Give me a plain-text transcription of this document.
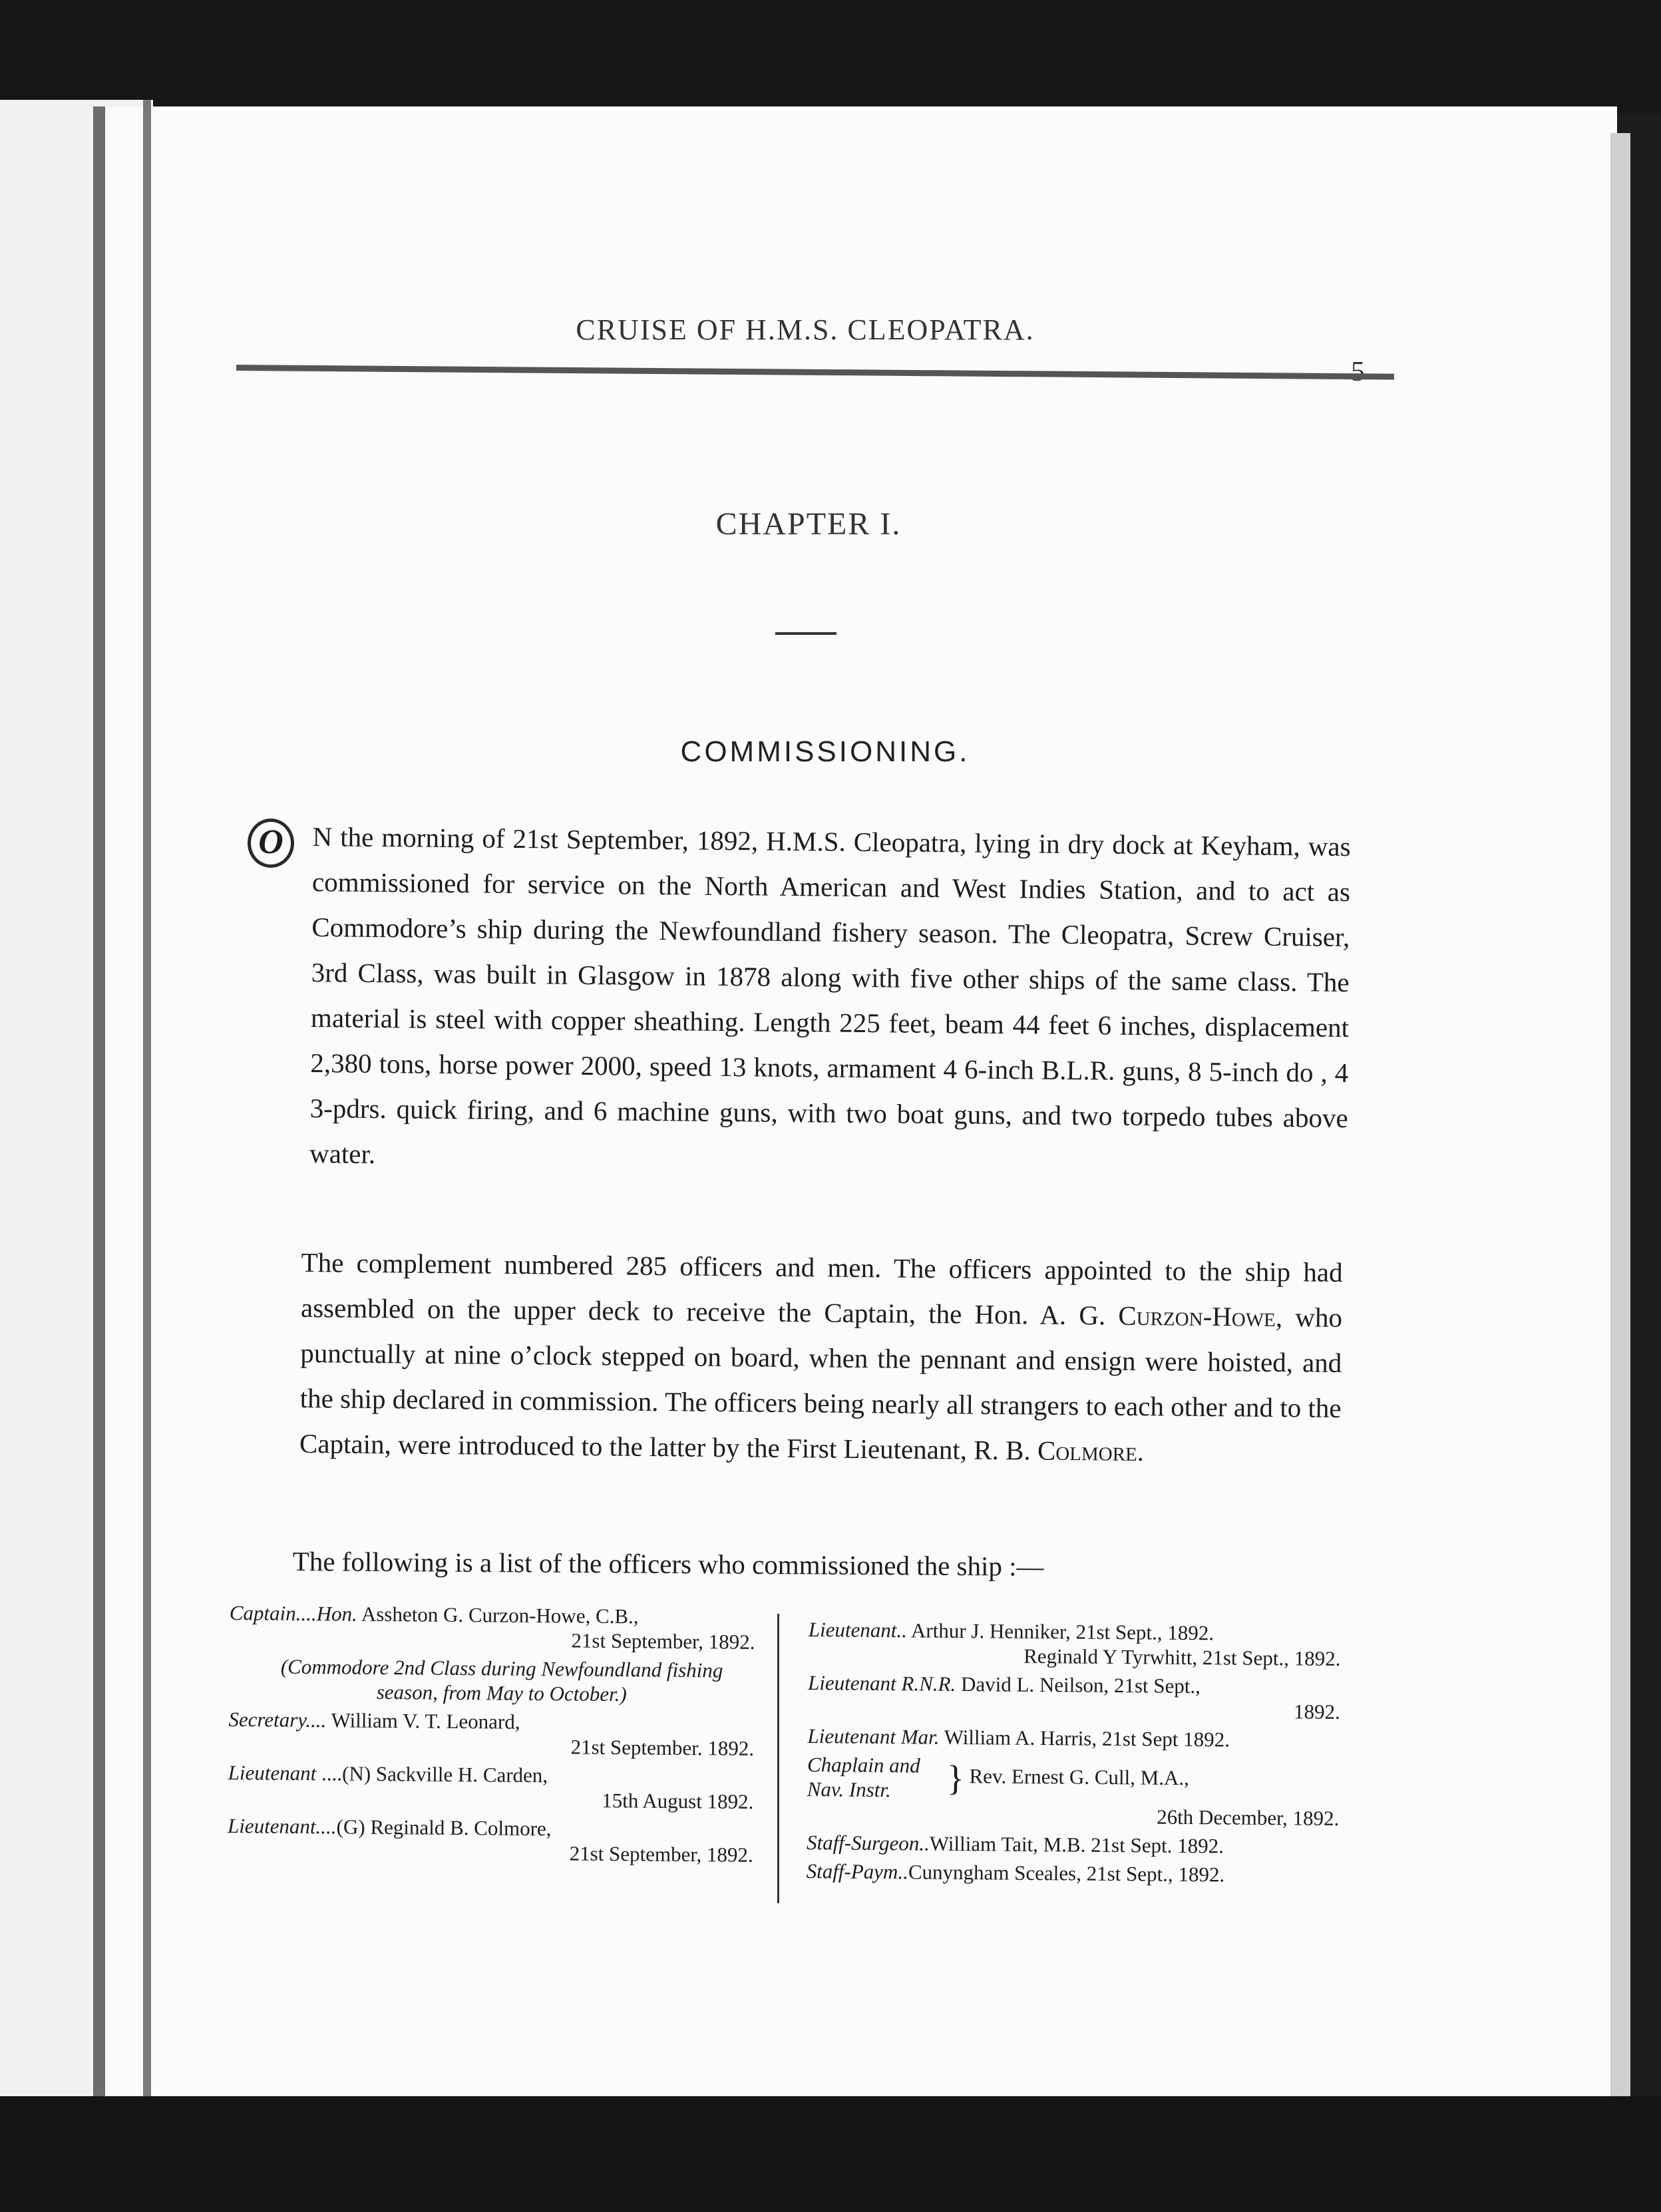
CRUISE OF H.M.S. CLEOPATRA.
5
CHAPTER I.
COMMISSIONING.
O	N the morning of 21st September, 1892, H.M.S. Cleopatra, lying in dry dock at Keyham, was commissioned for service on the North American and West Indies Station, and to act as Commodore’s ship during the Newfoundland fishery season. The Cleopatra, Screw Cruiser, 3rd Class, was built in Glasgow in 1878 along with five other ships of the same class. The material is steel with copper sheathing. Length 225 feet, beam 44 feet 6 inches, displacement 2,380 tons, horse power 2000, speed 13 knots, armament 4 6-inch B.L.R. guns, 8 5-inch do , 4 3-pdrs. quick firing, and 6 machine guns, with two boat guns, and two torpedo tubes above water.
The complement numbered 285 officers and men. The officers appointed to the ship had assembled on the upper deck to receive the Captain, the Hon. A. G. Curzon-Howe, who punctually at nine o’clock stepped on board, when the pennant and ensign were hoisted, and the ship declared in commission. The officers being nearly all strangers to each other and to the Captain, were introduced to the latter by the First Lieutenant, R. B. Colmore.
The following is a list of the officers who commissioned the ship :—
Captain....Hon. Assheton G. Curzon-Howe, C.B.,
21st September, 1892.
(Commodore 2nd Class during Newfoundland fishing season, from May to October.)
Secretary.... William V. T. Leonard,
21st September. 1892.
Lieutenant ....(N) Sackville H. Carden,
15th August 1892.
Lieutenant....(G) Reginald B. Colmore,
21st September, 1892.
Lieutenant.. Arthur J. Henniker, 21st Sept., 1892.
Reginald Y Tyrwhitt, 21st Sept., 1892.
Lieutenant R.N.R. David L. Neilson, 21st Sept.,
1892.
Lieutenant Mar. William A. Harris, 21st Sept 1892.
Chaplain and Nav. Instr. } Rev. Ernest G. Cull, M.A.,
26th December, 1892.
Staff-Surgeon..William Tait, M.B. 21st Sept. 1892.
Staff-Paym..Cunyngham Sceales, 21st Sept., 1892.
